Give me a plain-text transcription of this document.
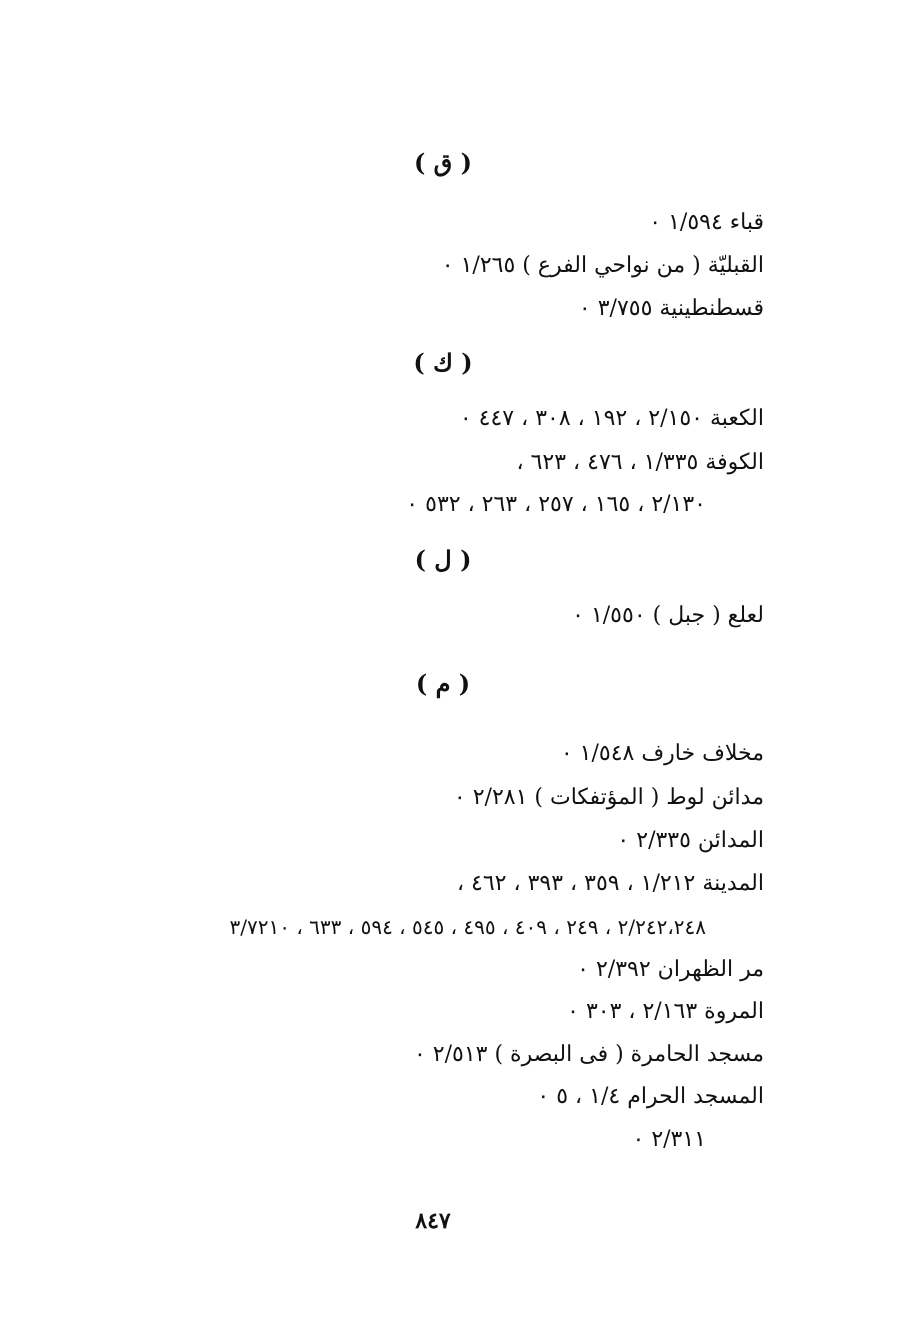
( ق )
قباء ١/٥٩٤ ٠
القبليّة ( من نواحي الفرع ) ١/٢٦٥ ٠
قسطنطينية ٣/٧٥٥ ٠
( ك )
الكعبة ٢/١٥٠ ، ١٩٢ ، ٣٠٨ ، ٤٤٧ ٠
الكوفة ١/٣٣٥ ، ٤٧٦ ، ٦٢٣ ،
٢/١٣٠ ، ١٦٥ ، ٢٥٧ ، ٢٦٣ ، ٥٣٢ ٠
( ل )
لعلع ( جبل ) ١/٥٥٠ ٠
( م )
مخلاف خارف ١/٥٤٨ ٠
مدائن لوط ( المؤتفكات ) ٢/٢٨١ ٠
المدائن ٢/٣٣٥ ٠
المدينة ١/٢١٢ ، ٣٥٩ ، ٣٩٣ ، ٤٦٢ ،
٢/٢٤٢،٢٤٨ ، ٢٤٩ ، ٤٠٩ ، ٤٩٥ ، ٥٤٥ ، ٥٩٤ ، ٦٣٣ ، ٣/٧٢١٠
مر الظهران ٢/٣٩٢ ٠
المروة ٢/١٦٣ ، ٣٠٣ ٠
مسجد الحامرة ( فى البصرة ) ٢/٥١٣ ٠
المسجد الحرام ١/٤ ، ٥ ٠
٢/٣١١ ٠
٨٤٧
